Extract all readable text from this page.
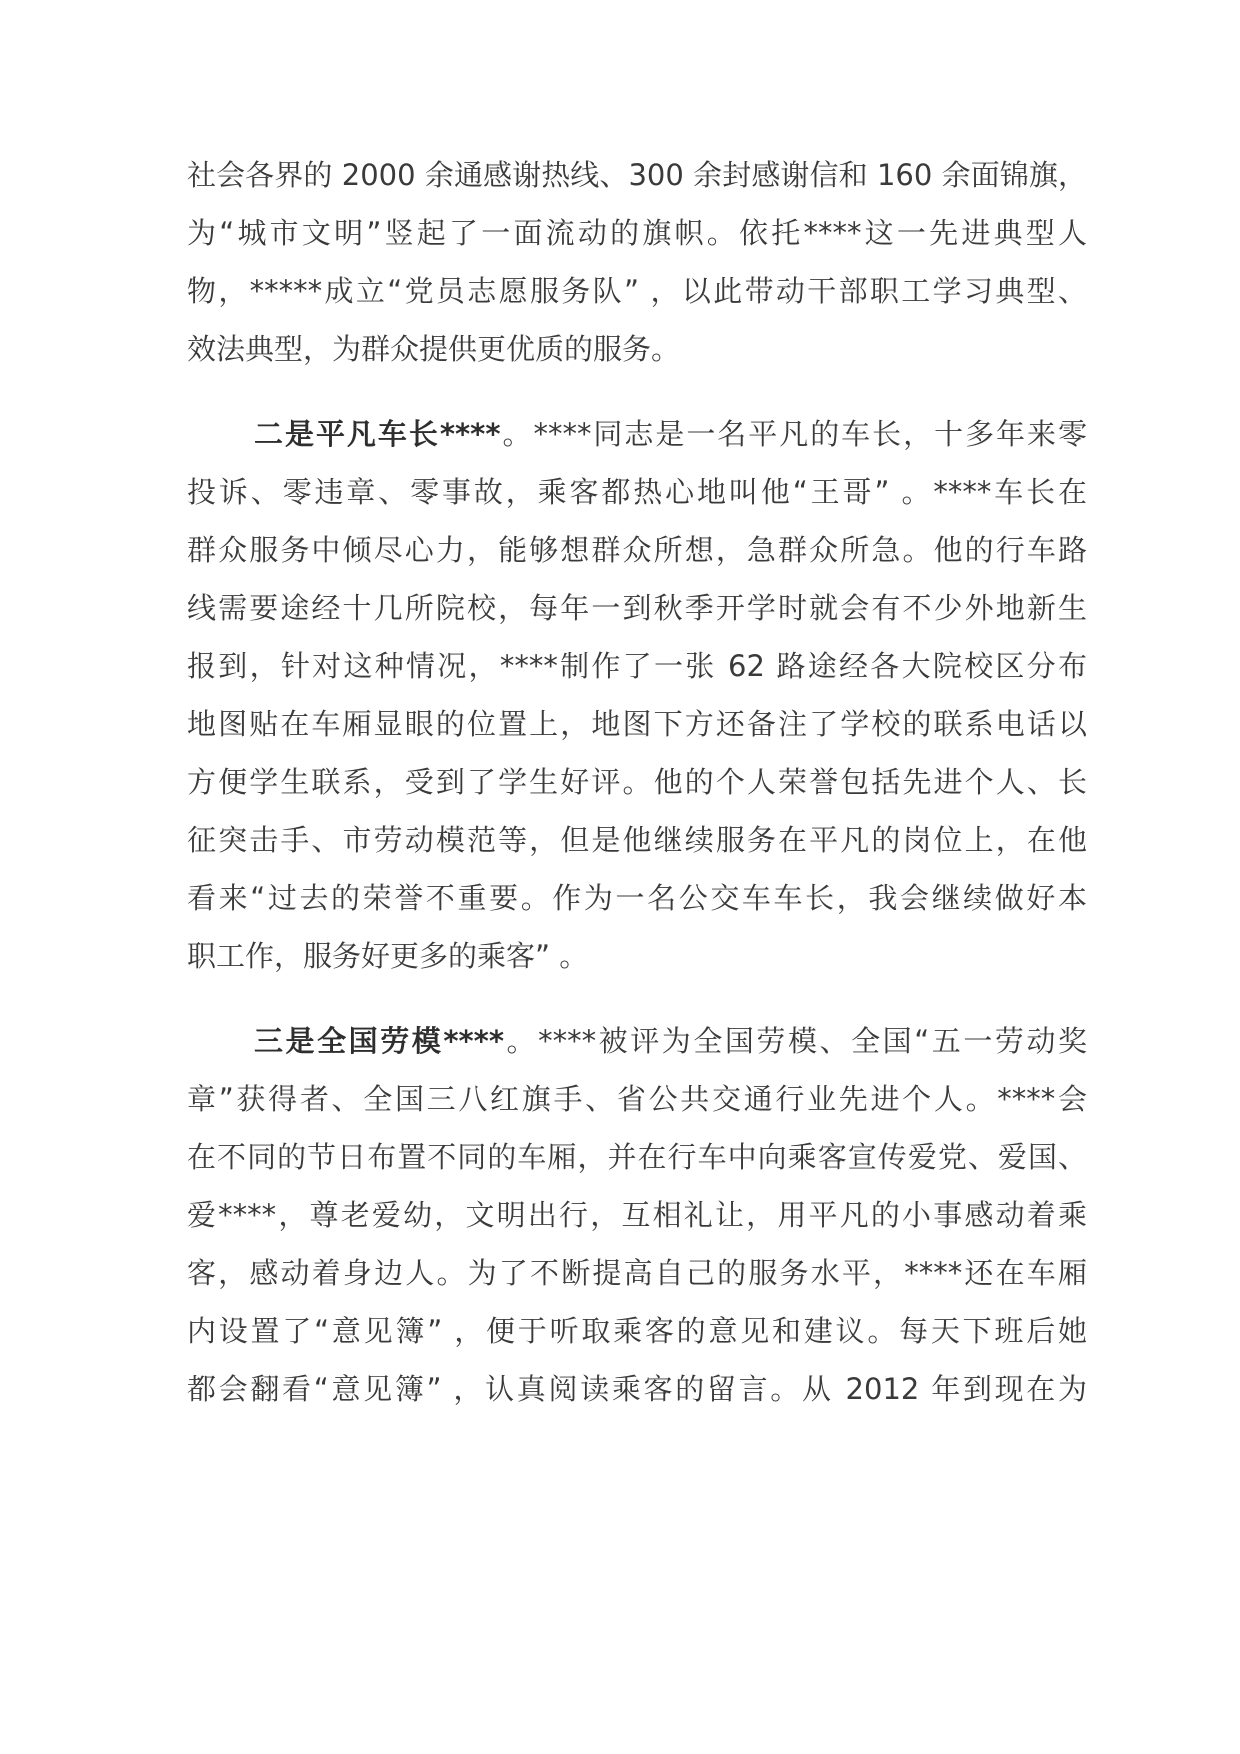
社会各界的 2000 余通感谢热线、300 余封感谢信和 160 余面锦旗，
为“城市文明”竖起了一面流动的旗帜。依托****这一先进典型人
物，*****成立“党员志愿服务队” ，以此带动干部职工学习典型、
效法典型，为群众提供更优质的服务。
二是平凡车长****。****同志是一名平凡的车长，十多年来零
投诉、零违章、零事故，乘客都热心地叫他“王哥” 。****车长在
群众服务中倾尽心力，能够想群众所想，急群众所急。他的行车路
线需要途经十几所院校，每年一到秋季开学时就会有不少外地新生
报到，针对这种情况，****制作了一张 62 路途经各大院校区分布
地图贴在车厢显眼的位置上，地图下方还备注了学校的联系电话以
方便学生联系，受到了学生好评。他的个人荣誉包括先进个人、长
征突击手、市劳动模范等，但是他继续服务在平凡的岗位上，在他
看来“过去的荣誉不重要。作为一名公交车车长，我会继续做好本
职工作，服务好更多的乘客” 。
三是全国劳模****。****被评为全国劳模、全国“五一劳动奖
章”获得者、全国三八红旗手、省公共交通行业先进个人。****会
在不同的节日布置不同的车厢，并在行车中向乘客宣传爱党、爱国、
爱****，尊老爱幼，文明出行，互相礼让，用平凡的小事感动着乘
客，感动着身边人。为了不断提高自己的服务水平，****还在车厢
内设置了“意见簿” ，便于听取乘客的意见和建议。每天下班后她
都会翻看“意见簿” ，认真阅读乘客的留言。从 2012 年到现在为
